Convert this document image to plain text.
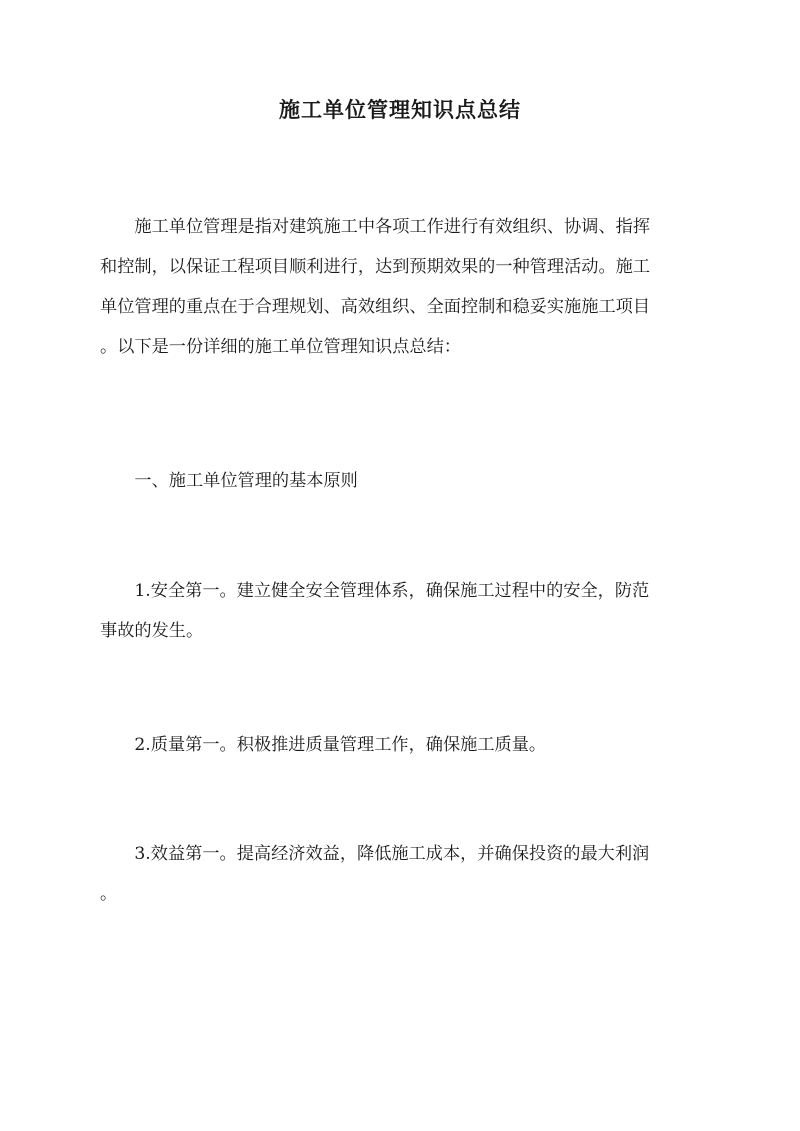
施工单位管理知识点总结

　　施工单位管理是指对建筑施工中各项工作进行有效组织、协调、指挥
和控制，以保证工程项目顺利进行，达到预期效果的一种管理活动。施工
单位管理的重点在于合理规划、高效组织、全面控制和稳妥实施施工项目
。以下是一份详细的施工单位管理知识点总结：

　　一、施工单位管理的基本原则

　　1.安全第一。建立健全安全管理体系，确保施工过程中的安全，防范
事故的发生。

　　2.质量第一。积极推进质量管理工作，确保施工质量。

　　3.效益第一。提高经济效益，降低施工成本，并确保投资的最大利润
。
